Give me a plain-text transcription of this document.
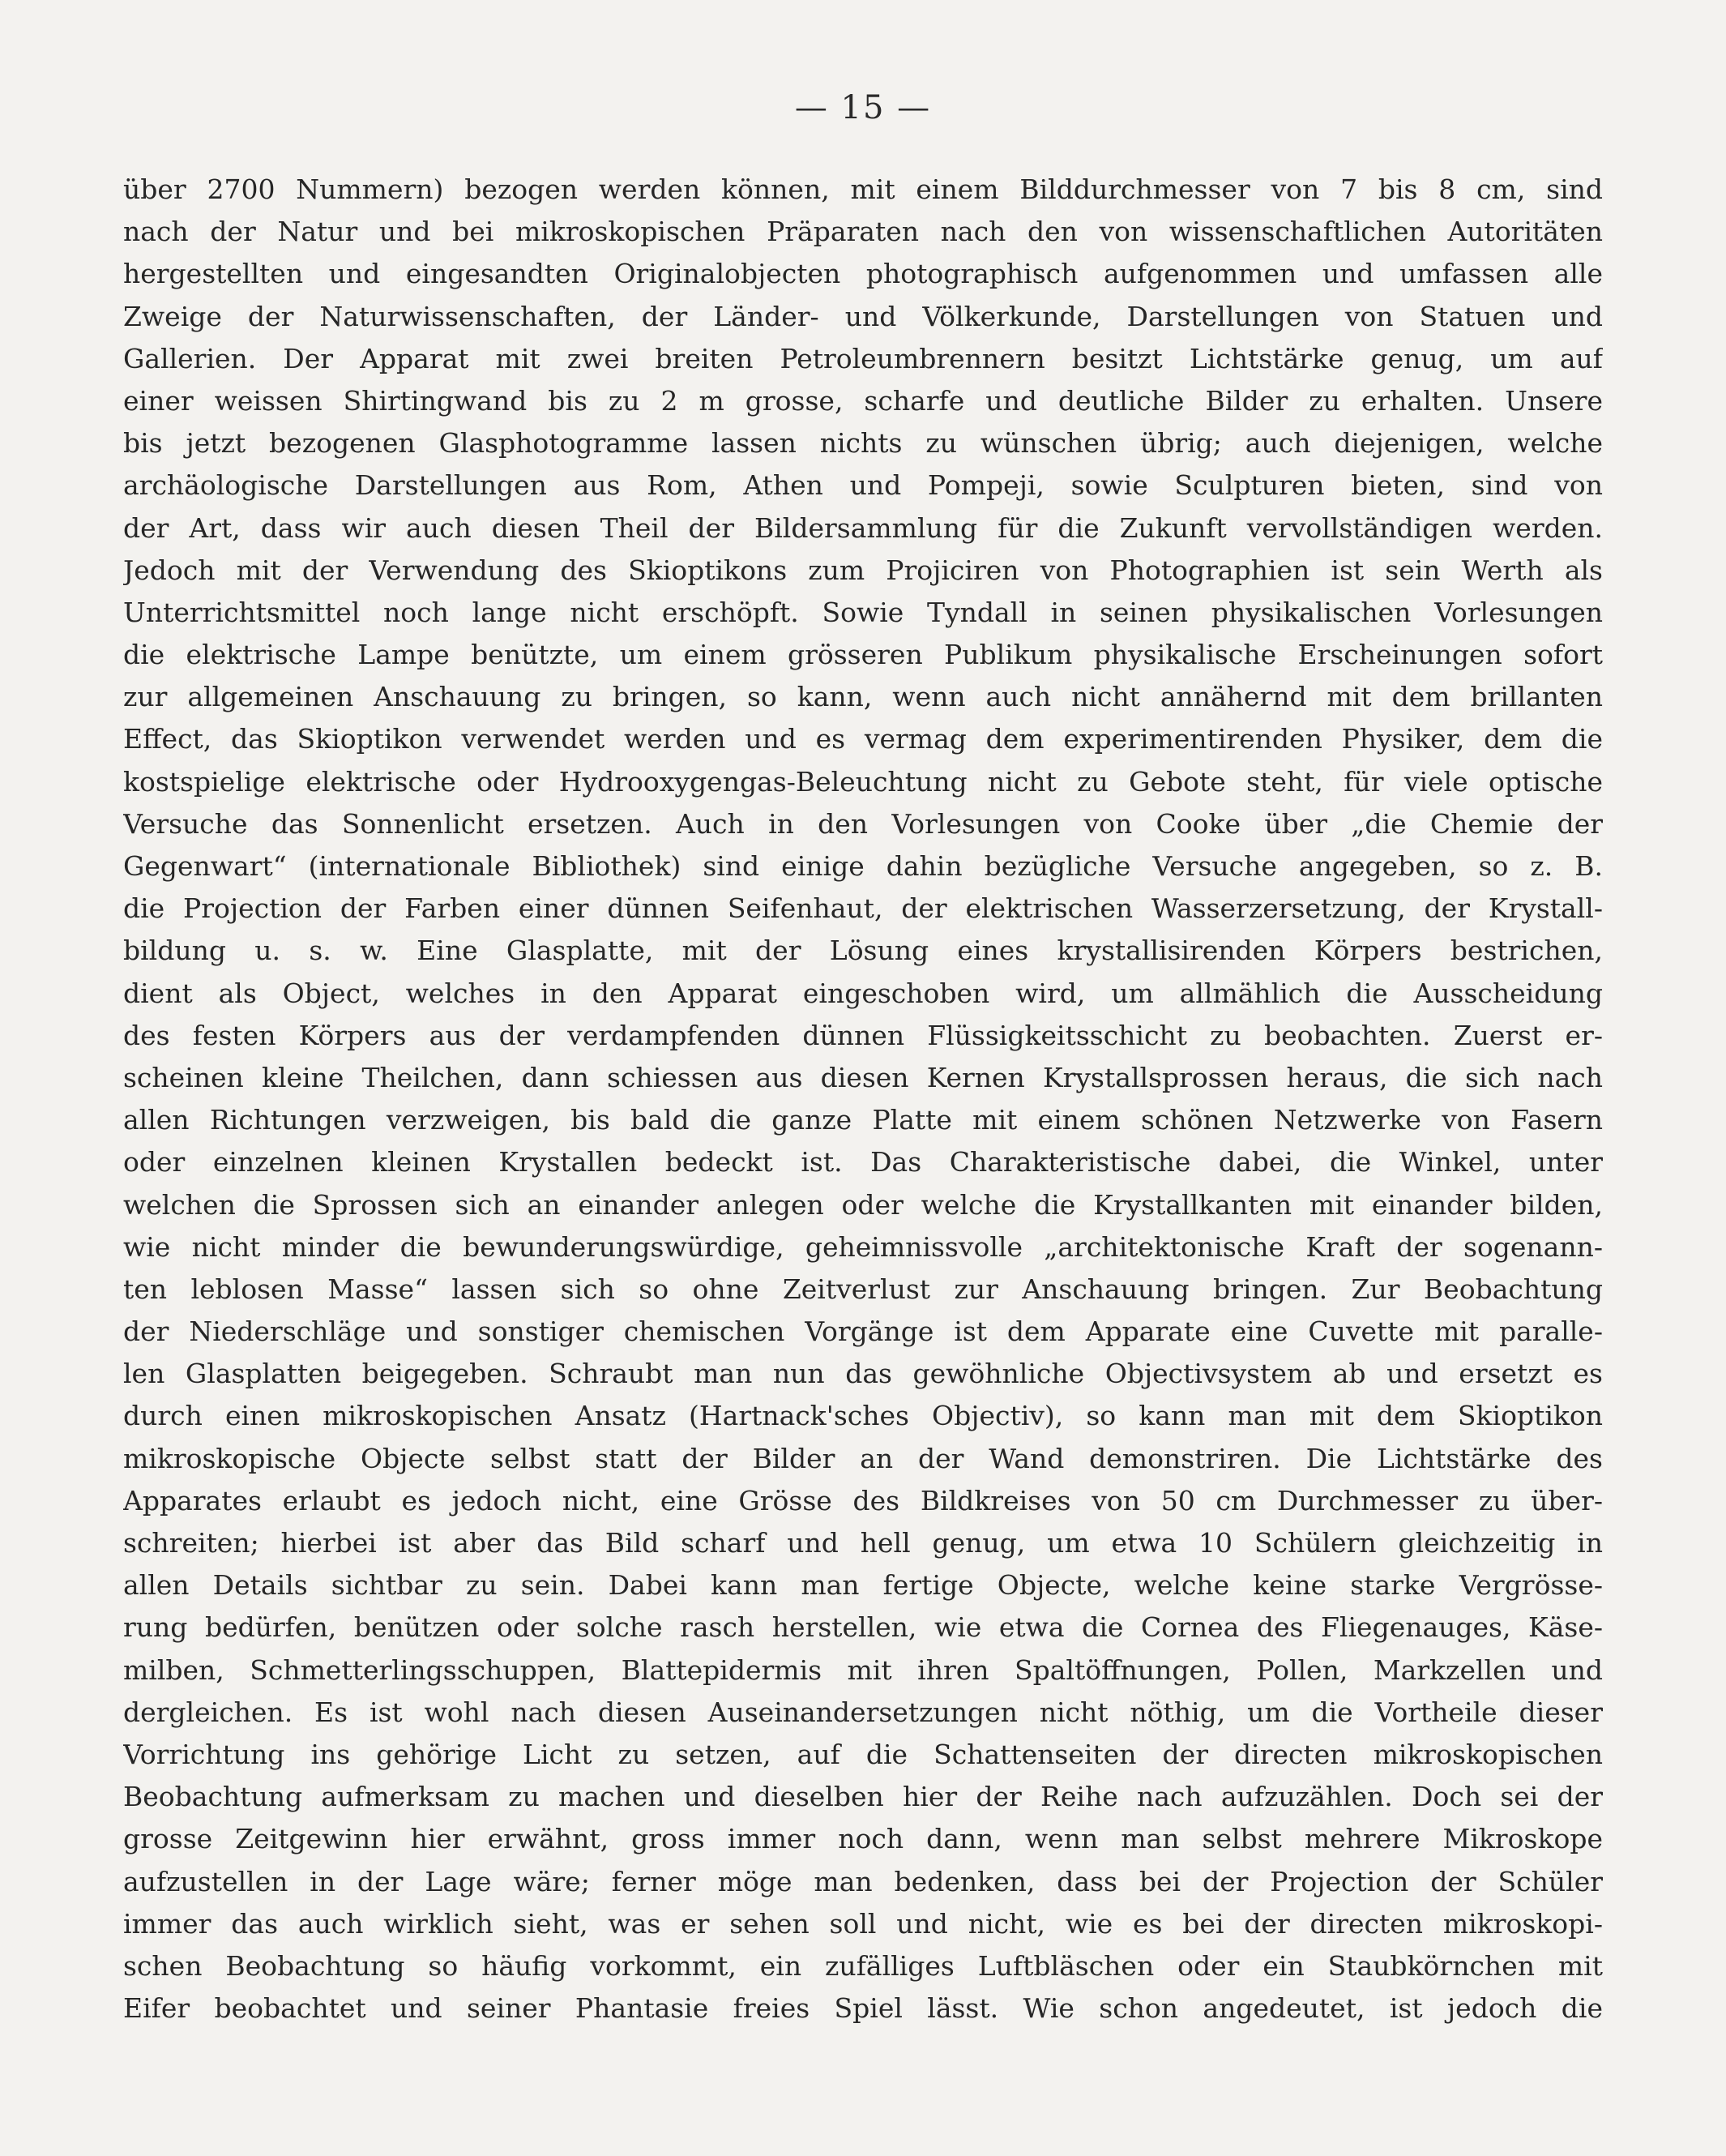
— 15 —
über 2700 Nummern) bezogen werden können, mit einem Bilddurchmesser von 7 bis 8 cm, sind
nach der Natur und bei mikroskopischen Präparaten nach den von wissenschaftlichen Autoritäten
hergestellten und eingesandten Originalobjecten photographisch aufgenommen und umfassen alle
Zweige der Naturwissenschaften, der Länder- und Völkerkunde, Darstellungen von Statuen und
Gallerien. Der Apparat mit zwei breiten Petroleumbrennern besitzt Lichtstärke genug, um auf
einer weissen Shirtingwand bis zu 2 m grosse, scharfe und deutliche Bilder zu erhalten. Unsere
bis jetzt bezogenen Glasphotogramme lassen nichts zu wünschen übrig; auch diejenigen, welche
archäologische Darstellungen aus Rom, Athen und Pompeji, sowie Sculpturen bieten, sind von
der Art, dass wir auch diesen Theil der Bildersammlung für die Zukunft vervollständigen werden.
Jedoch mit der Verwendung des Skioptikons zum Projiciren von Photographien ist sein Werth als
Unterrichtsmittel noch lange nicht erschöpft. Sowie Tyndall in seinen physikalischen Vorlesungen
die elektrische Lampe benützte, um einem grösseren Publikum physikalische Erscheinungen sofort
zur allgemeinen Anschauung zu bringen, so kann, wenn auch nicht annähernd mit dem brillanten
Effect, das Skioptikon verwendet werden und es vermag dem experimentirenden Physiker, dem die
kostspielige elektrische oder Hydrooxygengas-Beleuchtung nicht zu Gebote steht, für viele optische
Versuche das Sonnenlicht ersetzen. Auch in den Vorlesungen von Cooke über „die Chemie der
Gegenwart“ (internationale Bibliothek) sind einige dahin bezügliche Versuche angegeben, so z. B.
die Projection der Farben einer dünnen Seifenhaut, der elektrischen Wasserzersetzung, der Krystall-
bildung u. s. w. Eine Glasplatte, mit der Lösung eines krystallisirenden Körpers bestrichen,
dient als Object, welches in den Apparat eingeschoben wird, um allmählich die Ausscheidung
des festen Körpers aus der verdampfenden dünnen Flüssigkeitsschicht zu beobachten. Zuerst er-
scheinen kleine Theilchen, dann schiessen aus diesen Kernen Krystallsprossen heraus, die sich nach
allen Richtungen verzweigen, bis bald die ganze Platte mit einem schönen Netzwerke von Fasern
oder einzelnen kleinen Krystallen bedeckt ist. Das Charakteristische dabei, die Winkel, unter
welchen die Sprossen sich an einander anlegen oder welche die Krystallkanten mit einander bilden,
wie nicht minder die bewunderungswürdige, geheimnissvolle „architektonische Kraft der sogenann-
ten leblosen Masse“ lassen sich so ohne Zeitverlust zur Anschauung bringen. Zur Beobachtung
der Niederschläge und sonstiger chemischen Vorgänge ist dem Apparate eine Cuvette mit paralle-
len Glasplatten beigegeben. Schraubt man nun das gewöhnliche Objectivsystem ab und ersetzt es
durch einen mikroskopischen Ansatz (Hartnack'sches Objectiv), so kann man mit dem Skioptikon
mikroskopische Objecte selbst statt der Bilder an der Wand demonstriren. Die Lichtstärke des
Apparates erlaubt es jedoch nicht, eine Grösse des Bildkreises von 50 cm Durchmesser zu über-
schreiten; hierbei ist aber das Bild scharf und hell genug, um etwa 10 Schülern gleichzeitig in
allen Details sichtbar zu sein. Dabei kann man fertige Objecte, welche keine starke Vergrösse-
rung bedürfen, benützen oder solche rasch herstellen, wie etwa die Cornea des Fliegenauges, Käse-
milben, Schmetterlingsschuppen, Blattepidermis mit ihren Spaltöffnungen, Pollen, Markzellen und
dergleichen. Es ist wohl nach diesen Auseinandersetzungen nicht nöthig, um die Vortheile dieser
Vorrichtung ins gehörige Licht zu setzen, auf die Schattenseiten der directen mikroskopischen
Beobachtung aufmerksam zu machen und dieselben hier der Reihe nach aufzuzählen. Doch sei der
grosse Zeitgewinn hier erwähnt, gross immer noch dann, wenn man selbst mehrere Mikroskope
aufzustellen in der Lage wäre; ferner möge man bedenken, dass bei der Projection der Schüler
immer das auch wirklich sieht, was er sehen soll und nicht, wie es bei der directen mikroskopi-
schen Beobachtung so häufig vorkommt, ein zufälliges Luftbläschen oder ein Staubkörnchen mit
Eifer beobachtet und seiner Phantasie freies Spiel lässt. Wie schon angedeutet, ist jedoch die
